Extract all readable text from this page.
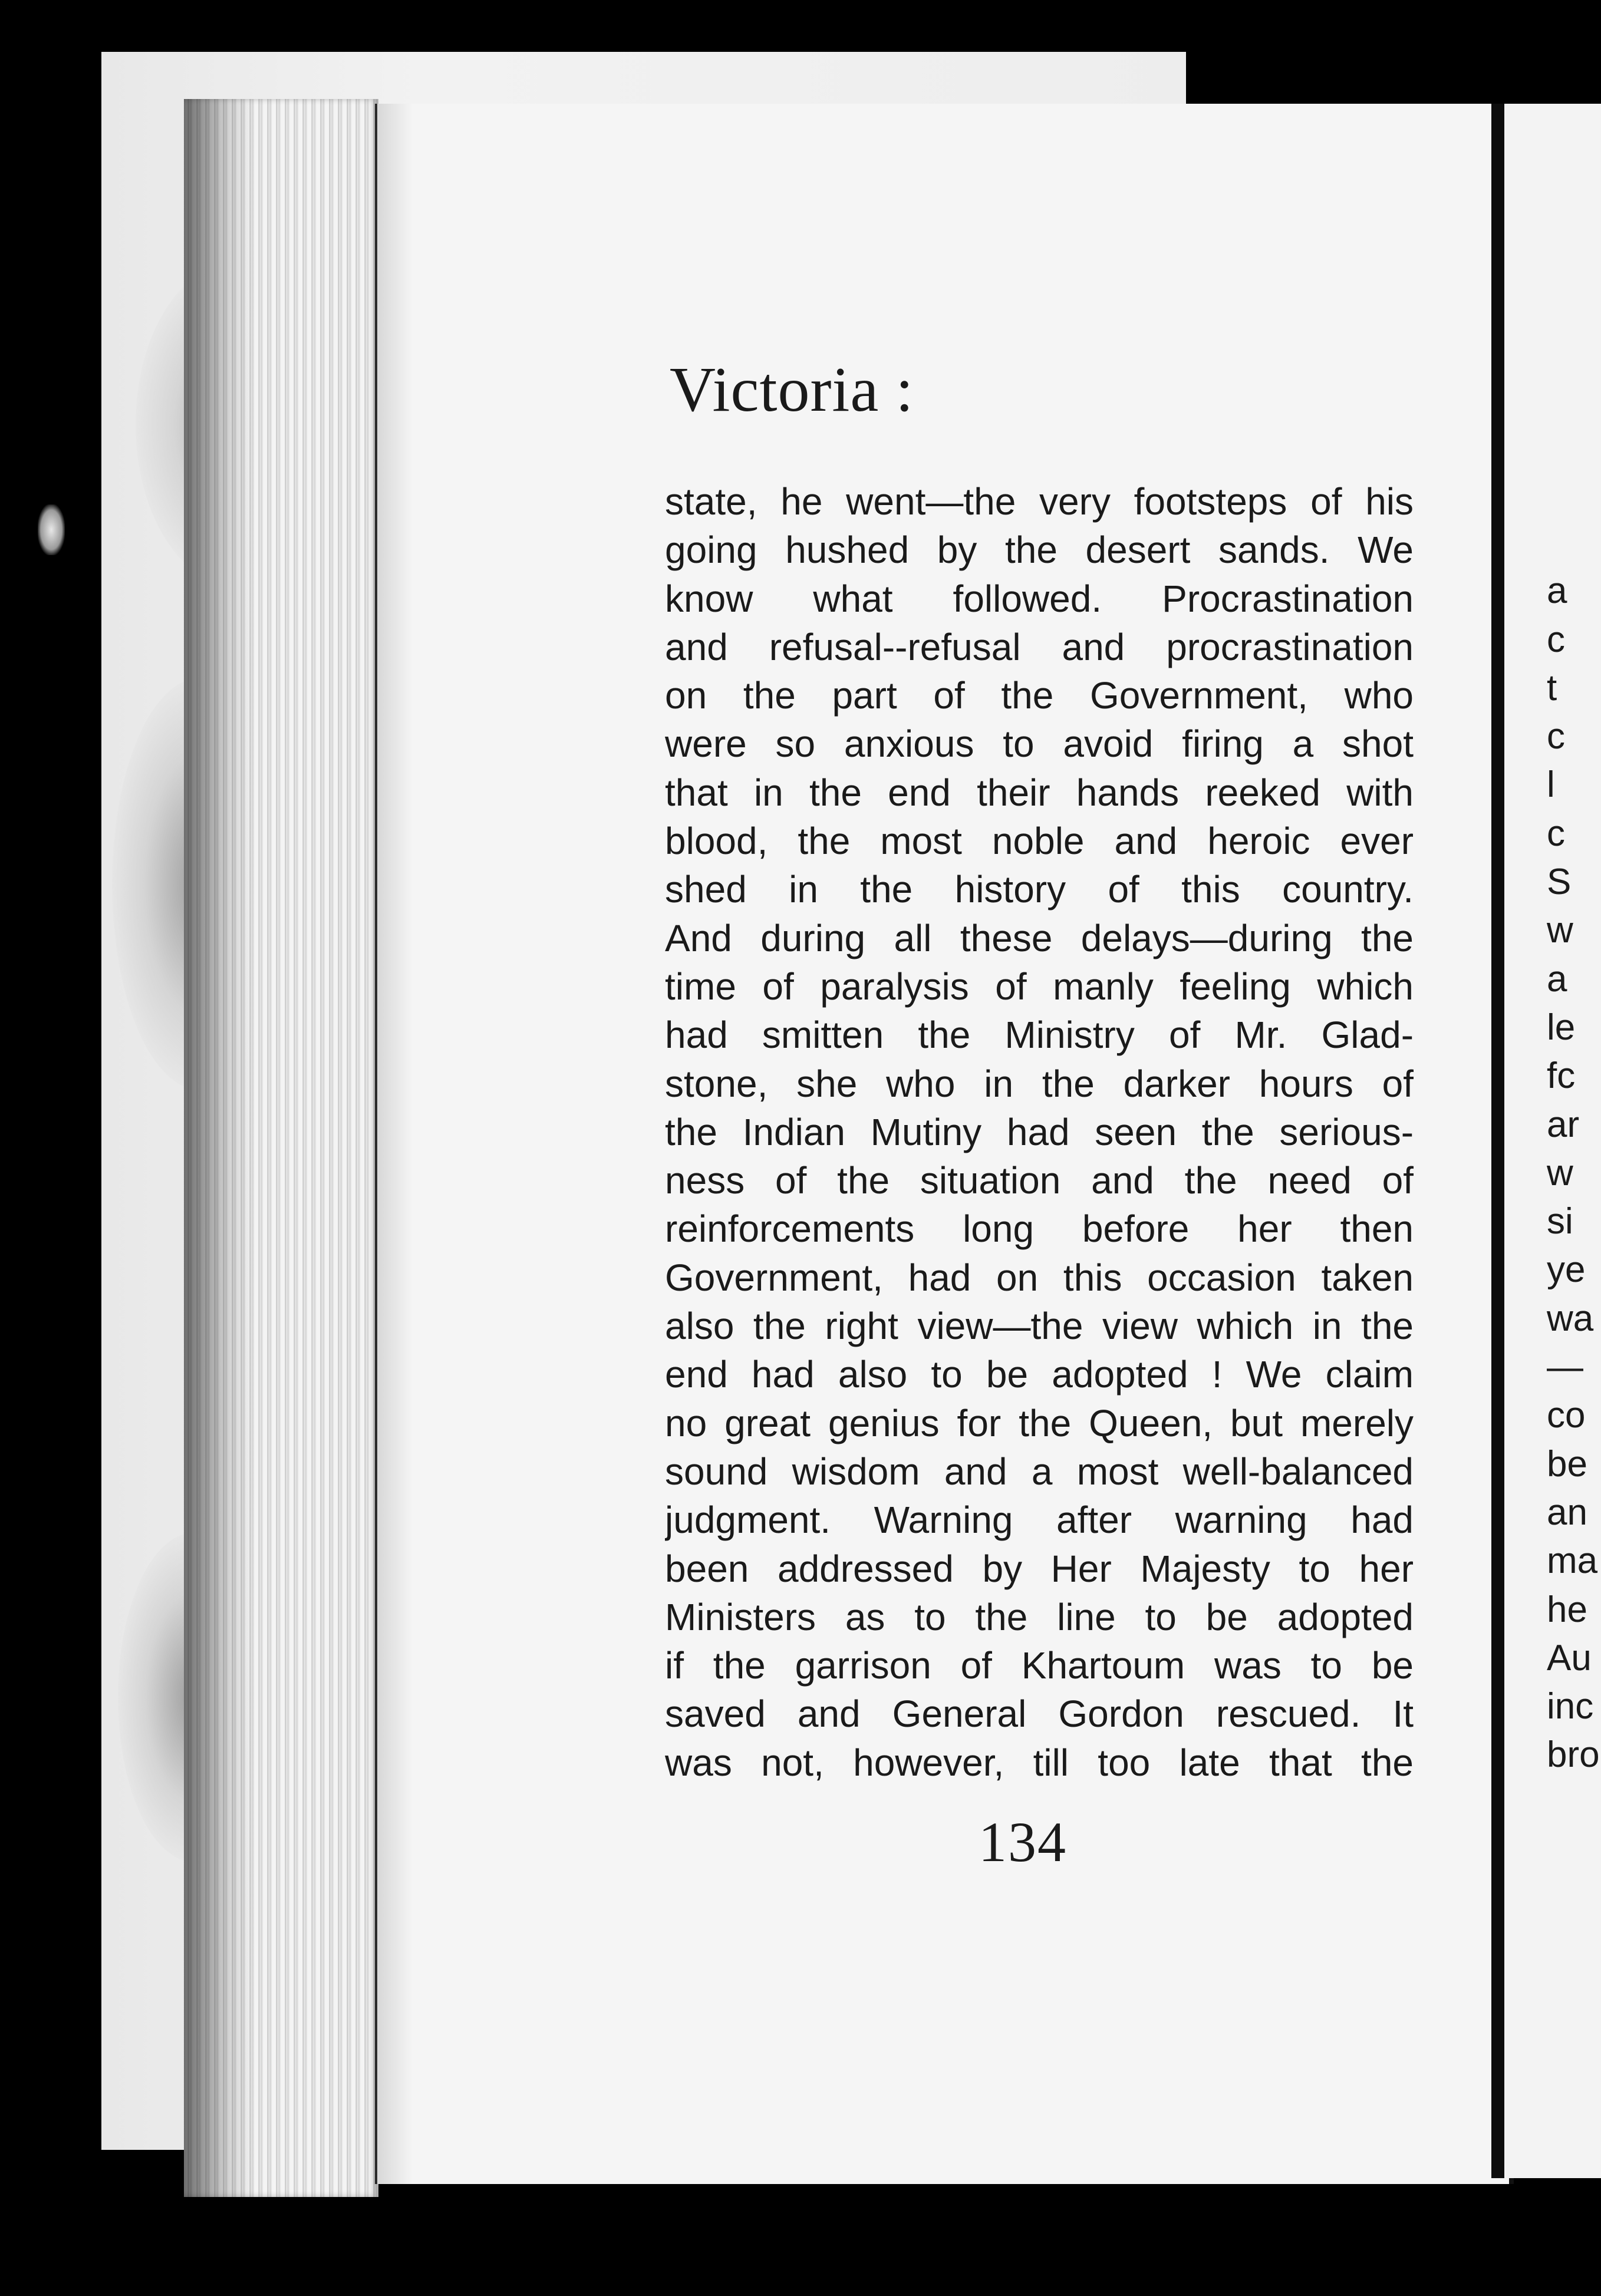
Victoria :
state, he went—the very footsteps of his
going hushed by the desert sands. We
know what followed. Procrastination
and refusal--refusal and procrastination
on the part of the Government, who
were so anxious to avoid firing a shot
that in the end their hands reeked with
blood, the most noble and heroic ever
shed in the history of this country.
And during all these delays—during the
time of paralysis of manly feeling which
had smitten the Ministry of Mr. Glad-
stone, she who in the darker hours of
the Indian Mutiny had seen the serious-
ness of the situation and the need of
reinforcements long before her then
Government, had on this occasion taken
also the right view—the view which in the
end had also to be adopted ! We claim
no great genius for the Queen, but merely
sound wisdom and a most well-balanced
judgment. Warning after warning had
been addressed by Her Majesty to her
Ministers as to the line to be adopted
if the garrison of Khartoum was to be
saved and General Gordon rescued. It
was not, however, till too late that the
134
a
c
t
c
l
c
S
w
a
le
fc
ar
w
si
ye
wa
—
co
be
an
ma
he
Au
inc
bro
